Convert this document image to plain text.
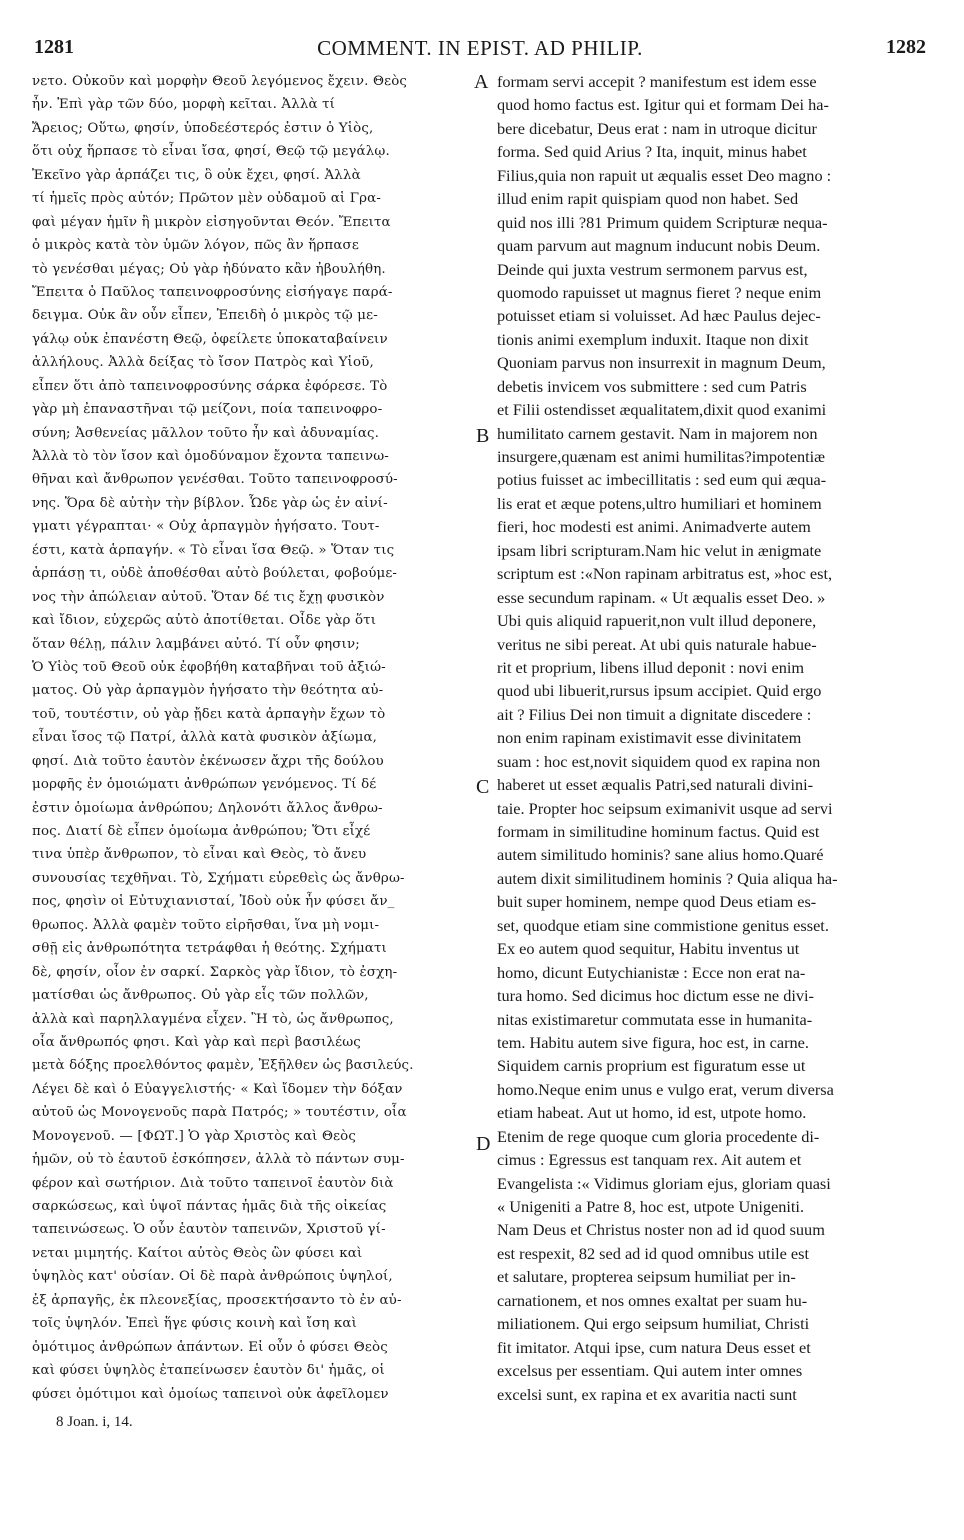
1281	COMMENT. IN EPIST. AD PHILIP.	1282
νετο. Οὐκοῦν καὶ μορφὴν Θεοῦ λεγόμενος ἔχειν. Θεὸς
ἦν. Ἐπὶ γὰρ τῶν δύο, μορφὴ κεῖται. Ἀλλὰ τί
Ἄρειος; Οὕτω, φησίν, ὑποδεέστερός ἐστιν ὁ Υἱὸς,
ὅτι οὐχ ἥρπασε τὸ εἶναι ἴσα, φησί, Θεῷ τῷ μεγάλῳ.
Ἐκεῖνο γὰρ ἁρπάζει τις, ὃ οὐκ ἔχει, φησί. Ἀλλὰ
τί ἡμεῖς πρὸς αὐτόν; Πρῶτον μὲν οὐδαμοῦ αἱ Γρα-
φαὶ μέγαν ἡμῖν ἢ μικρὸν εἰσηγοῦνται Θεόν. Ἔπειτα
ὁ μικρὸς κατὰ τὸν ὑμῶν λόγον, πῶς ἂν ἥρπασε
τὸ γενέσθαι μέγας; Οὐ γὰρ ἠδύνατο κἂν ἠβουλήθη.
Ἔπειτα ὁ Παῦλος ταπεινοφροσύνης εἰσήγαγε παρά-
δειγμα. Οὐκ ἂν οὖν εἶπεν, Ἐπειδὴ ὁ μικρὸς τῷ με-
γάλῳ οὐκ ἐπανέστη Θεῷ, ὀφείλετε ὑποκαταβαίνειν
ἀλλήλους. Ἀλλὰ δείξας τὸ ἴσον Πατρὸς καὶ Υἱοῦ,
εἶπεν ὅτι ἀπὸ ταπεινοφροσύνης σάρκα ἐφόρεσε. Τὸ
γὰρ μὴ ἐπαναστῆναι τῷ μείζονι, ποία ταπεινοφρο-
σύνη; Ἀσθενείας μᾶλλον τοῦτο ἦν καὶ ἀδυναμίας.
Ἀλλὰ τὸ τὸν ἴσον καὶ ὁμοδύναμον ἔχοντα ταπεινω-
θῆναι καὶ ἄνθρωπον γενέσθαι. Τοῦτο ταπεινοφροσύ-
νης. Ὅρα δὲ αὐτὴν τὴν βίβλον. Ὧδε γὰρ ὡς ἐν αἰνί-
γματι γέγραπται· « Οὐχ ἁρπαγμὸν ἡγήσατο. Τουτ-
έστι, κατὰ ἁρπαγήν. « Τὸ εἶναι ἴσα Θεῷ. » Ὅταν τις
ἁρπάσῃ τι, οὐδὲ ἀποθέσθαι αὐτὸ βούλεται, φοβούμε-
νος τὴν ἀπώλειαν αὐτοῦ. Ὅταν δέ τις ἔχῃ φυσικὸν
καὶ ἴδιον, εὐχερῶς αὐτὸ ἀποτίθεται. Οἶδε γὰρ ὅτι
ὅταν θέλῃ, πάλιν λαμβάνει αὐτό. Τί οὖν φησιν;
Ὁ Υἱὸς τοῦ Θεοῦ οὐκ ἐφοβήθη καταβῆναι τοῦ ἀξιώ-
ματος. Οὐ γὰρ ἁρπαγμὸν ἡγήσατο τὴν θεότητα αὐ-
τοῦ, τουτέστιν, οὐ γὰρ ᾔδει κατὰ ἁρπαγὴν ἔχων τὸ
εἶναι ἴσος τῷ Πατρί, ἀλλὰ κατὰ φυσικὸν ἀξίωμα,
φησί. Διὰ τοῦτο ἑαυτὸν ἐκένωσεν ἄχρι τῆς δούλου
μορφῆς ἐν ὁμοιώματι ἀνθρώπων γενόμενος. Τί δέ
ἐστιν ὁμοίωμα ἀνθρώπου; Δηλονότι ἄλλος ἄνθρω-
πος. Διατί δὲ εἶπεν ὁμοίωμα ἀνθρώπου; Ὅτι εἶχέ
τινα ὑπὲρ ἄνθρωπον, τὸ εἶναι καὶ Θεὸς, τὸ ἄνευ
συνουσίας τεχθῆναι. Τὸ, Σχήματι εὑρεθεὶς ὡς ἄνθρω-
πος, φησὶν οἱ Εὐτυχιανισταί, Ἰδοὺ οὐκ ἦν φύσει ἄν_
θρωπος. Ἀλλὰ φαμὲν τοῦτο εἰρῆσθαι, ἵνα μὴ νομι-
σθῇ εἰς ἀνθρωπότητα τετράφθαι ἡ θεότης. Σχήματι
δὲ, φησίν, οἷον ἐν σαρκί. Σαρκὸς γὰρ ἴδιον, τὸ ἐσχη-
ματίσθαι ὡς ἄνθρωπος. Οὐ γὰρ εἷς τῶν πολλῶν,
ἀλλὰ καὶ παρηλλαγμένα εἶχεν. Ἢ τὸ, ὡς ἄνθρωπος,
οἷα ἄνθρωπός φησι. Καὶ γὰρ καὶ περὶ βασιλέως
μετὰ δόξης προελθόντος φαμὲν, Ἐξῆλθεν ὡς βασιλεύς.
Λέγει δὲ καὶ ὁ Εὐαγγελιστής· « Καὶ ἴδομεν τὴν δόξαν
αὐτοῦ ὡς Μονογενοῦς παρὰ Πατρός; » τουτέστιν, οἷα
Μονογενοῦ. — [ΦΩΤ.] Ὁ γὰρ Χριστὸς καὶ Θεὸς
ἡμῶν, οὐ τὸ ἑαυτοῦ ἐσκόπησεν, ἀλλὰ τὸ πάντων συμ-
φέρον καὶ σωτήριον. Διὰ τοῦτο ταπεινοῖ ἑαυτὸν διὰ
σαρκώσεως, καὶ ὑψοῖ πάντας ἡμᾶς διὰ τῆς οἰκείας
ταπεινώσεως. Ὁ οὖν ἑαυτὸν ταπεινῶν, Χριστοῦ γί-
νεται μιμητής. Καίτοι αὐτὸς Θεὸς ὢν φύσει καὶ
ὑψηλὸς κατ' οὐσίαν. Οἱ δὲ παρὰ ἀνθρώποις ὑψηλοί,
ἐξ ἁρπαγῆς, ἐκ πλεονεξίας, προσεκτήσαντο τὸ ἐν αὐ-
τοῖς ὑψηλόν. Ἐπεὶ ἥγε φύσις κοινὴ καὶ ἴση καὶ
ὁμότιμος ἀνθρώπων ἁπάντων. Εἰ οὖν ὁ φύσει Θεὸς
καὶ φύσει ὑψηλὸς ἐταπείνωσεν ἑαυτὸν δι' ἡμᾶς, οἱ
φύσει ὁμότιμοι καὶ ὁμοίως ταπεινοὶ οὐκ ἀφεῖλομεν
formam servi accepit ? manifestum est idem esse
quod homo factus est. Igitur qui et formam Dei ha-
bere dicebatur, Deus erat : nam in utroque dicitur
forma. Sed quid Arius ? Ita, inquit, minus habet
Filius,quia non rapuit ut æqualis esset Deo magno :
illud enim rapit quispiam quod non habet. Sed
quid nos illi ?81 Primum quidem Scripturæ nequa-
quam parvum aut magnum inducunt nobis Deum.
Deinde qui juxta vestrum sermonem parvus est,
quomodo rapuisset ut magnus fieret ? neque enim
potuisset etiam si voluisset. Ad hæc Paulus dejec-
tionis animi exemplum induxit. Itaque non dixit
Quoniam parvus non insurrexit in magnum Deum,
debetis invicem vos submittere : sed cum Patris
et Filii ostendisset æqualitatem,dixit quod exanimi
humilitato carnem gestavit. Nam in majorem non
insurgere,quænam est animi humilitas?impotentiæ
potius fuisset ac imbecillitatis : sed eum qui æqua-
lis erat et æque potens,ultro humiliari et hominem
fieri, hoc modesti est animi. Animadverte autem
ipsam libri scripturam.Nam hic velut in ænigmate
scriptum est :«Non rapinam arbitratus est, »hoc est,
esse secundum rapinam. « Ut æqualis esset Deo. »
Ubi quis aliquid rapuerit,non vult illud deponere,
veritus ne sibi pereat. At ubi quis naturale habue-
rit et proprium, libens illud deponit : novi enim
quod ubi libuerit,rursus ipsum accipiet. Quid ergo
ait ? Filius Dei non timuit a dignitate discedere :
non enim rapinam existimavit esse divinitatem
suam : hoc est,novit siquidem quod ex rapina non
haberet ut esset æqualis Patri,sed naturali divini-
taie. Propter hoc seipsum eximanivit usque ad servi
formam in similitudine hominum factus. Quid est
autem similitudo hominis? sane alius homo.Quaré
autem dixit similitudinem hominis ? Quia aliqua ha-
buit super hominem, nempe quod Deus etiam es-
set, quodque etiam sine commistione genitus esset.
Ex eo autem quod sequitur, Habitu inventus ut
homo, dicunt Eutychianistæ : Ecce non erat na-
tura homo. Sed dicimus hoc dictum esse ne divi-
nitas existimaretur commutata esse in humanita-
tem. Habitu autem sive figura, hoc est, in carne.
Siquidem carnis proprium est figuratum esse ut
homo.Neque enim unus e vulgo erat, verum diversa
etiam habeat. Aut ut homo, id est, utpote homo.
Etenim de rege quoque cum gloria procedente di-
cimus : Egressus est tanquam rex. Ait autem et
Evangelista :« Vidimus gloriam ejus, gloriam quasi
« Unigeniti a Patre 8, hoc est, utpote Unigeniti.
Nam Deus et Christus noster non ad id quod suum
est respexit, 82 sed ad id quod omnibus utile est
et salutare, propterea seipsum humiliat per in-
carnationem, et nos omnes exaltat per suam hu-
miliationem. Qui ergo seipsum humiliat, Christi
fit imitator. Atqui ipse, cum natura Deus esset et
excelsus per essentiam. Qui autem inter omnes
excelsi sunt, ex rapina et ex avaritia nacti sunt
A
B
C
D
8 Joan. i, 14.
